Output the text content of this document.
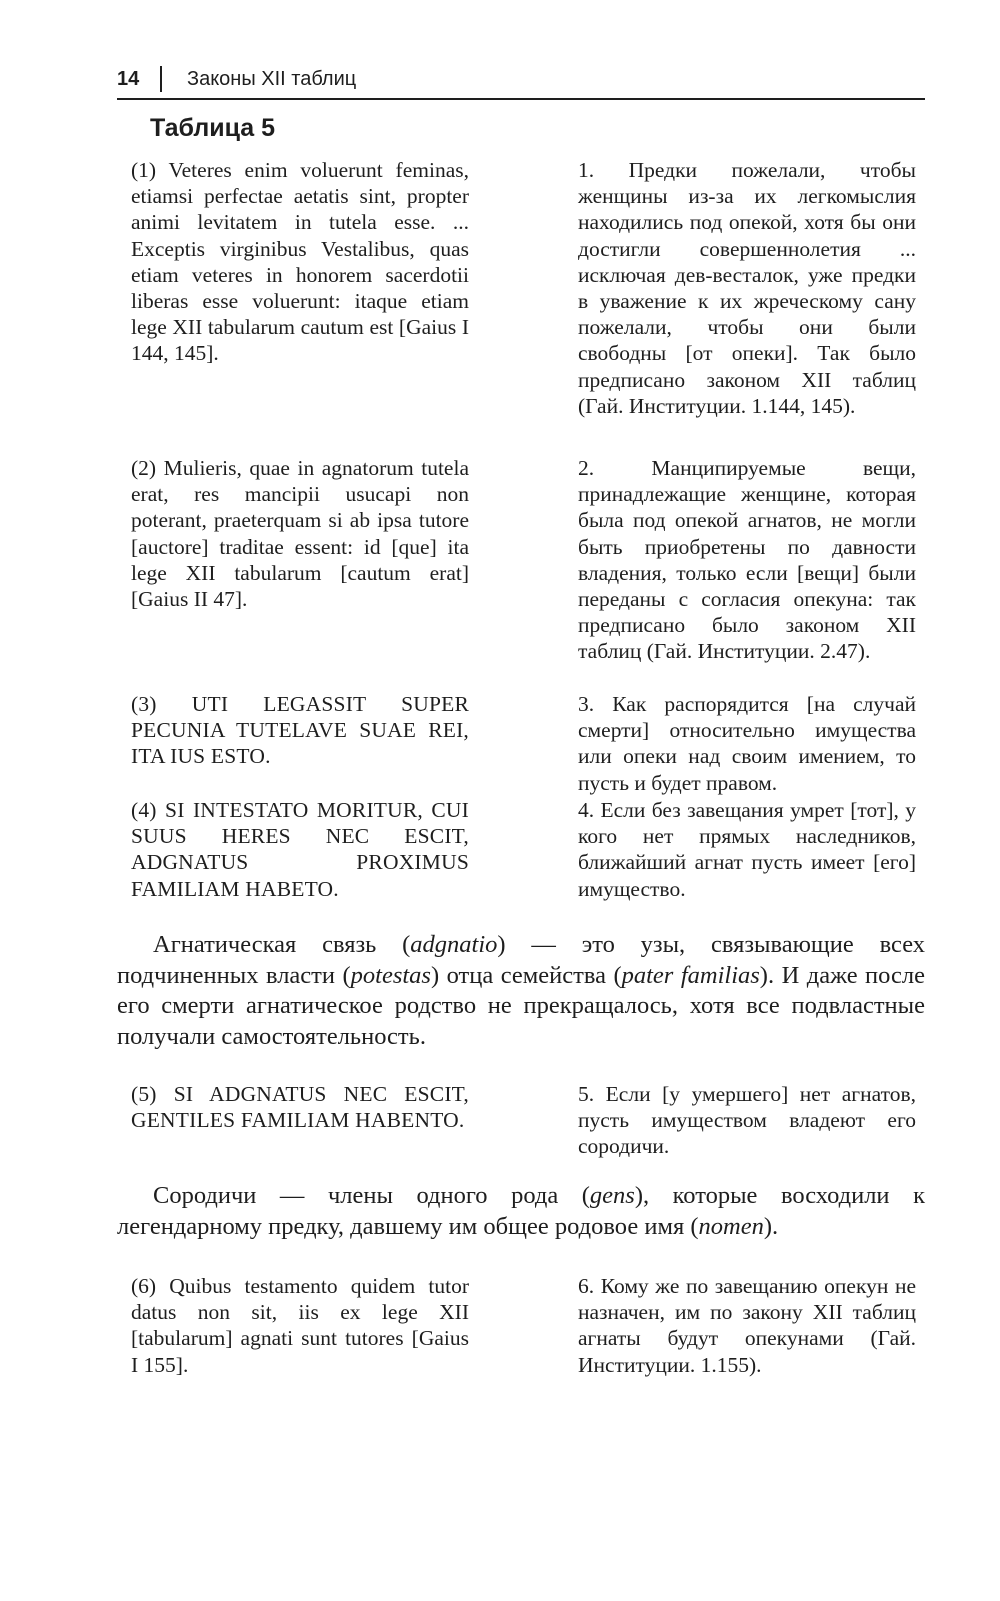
14 Законы XII таблиц
Таблица 5
(1) Veteres enim voluerunt feminas, etiamsi perfectae aetatis sint, propter animi levitatem in tutela esse. ... Exceptis virginibus Vestalibus, quas etiam veteres in honorem sacerdotii liberas esse voluerunt: itaque etiam lege XII tabularum cautum est [Gaius I 144, 145].
1. Предки пожелали, чтобы женщины из-за их легкомыслия находились под опекой, хотя бы они достигли совершеннолетия ... исключая дев-весталок, уже предки в уважение к их жреческому сану пожелали, чтобы они были свободны [от опеки]. Так было предписано законом XII таблиц (Гай. Институции. 1.144, 145).
(2) Mulieris, quae in agnatorum tutela erat, res mancipii usucapi non poterant, praeterquam si ab ipsa tutore [auctore] traditae essent: id [que] ita lege XII tabularum [cautum erat] [Gaius II 47].
2. Манципируемые вещи, принадлежащие женщине, которая была под опекой агнатов, не могли быть приобретены по давности владения, только если [вещи] были переданы с согласия опекуна: так предписано было законом XII таблиц (Гай. Институции. 2.47).
(3) UTI LEGASSIT SUPER PECUNIA TUTELAVE SUAE REI, ITA IUS ESTO.
3. Как распорядится [на случай смерти] относительно имущества или опеки над своим имением, то пусть и будет правом.
(4) SI INTESTATO MORITUR, CUI SUUS HERES NEC ESCIT, ADGNATUS PROXIMUS FAMILIAM HABETO.
4. Если без завещания умрет [тот], у кого нет прямых наследников, ближайший агнат пусть имеет [его] имущество.

Агнатическая связь (adgnatio) — это узы, связывающие всех подчиненных власти (potestas) отца семейства (pater familias). И даже после его смерти агнатическое родство не прекращалось, хотя все подвластные получали самостоятельность.

(5) SI ADGNATUS NEC ESCIT, GENTILES FAMILIAM HABENTO.
5. Если [у умершего] нет агнатов, пусть имуществом владеют его сородичи.

Сородичи — члены одного рода (gens), которые восходили к легендарному предку, давшему им общее родовое имя (nomen).

(6) Quibus testamento quidem tutor datus non sit, iis ex lege XII [tabularum] agnati sunt tutores [Gaius I 155].
6. Кому же по завещанию опекун не назначен, им по закону XII таблиц агнаты будут опекунами (Гай. Институции. 1.155).
